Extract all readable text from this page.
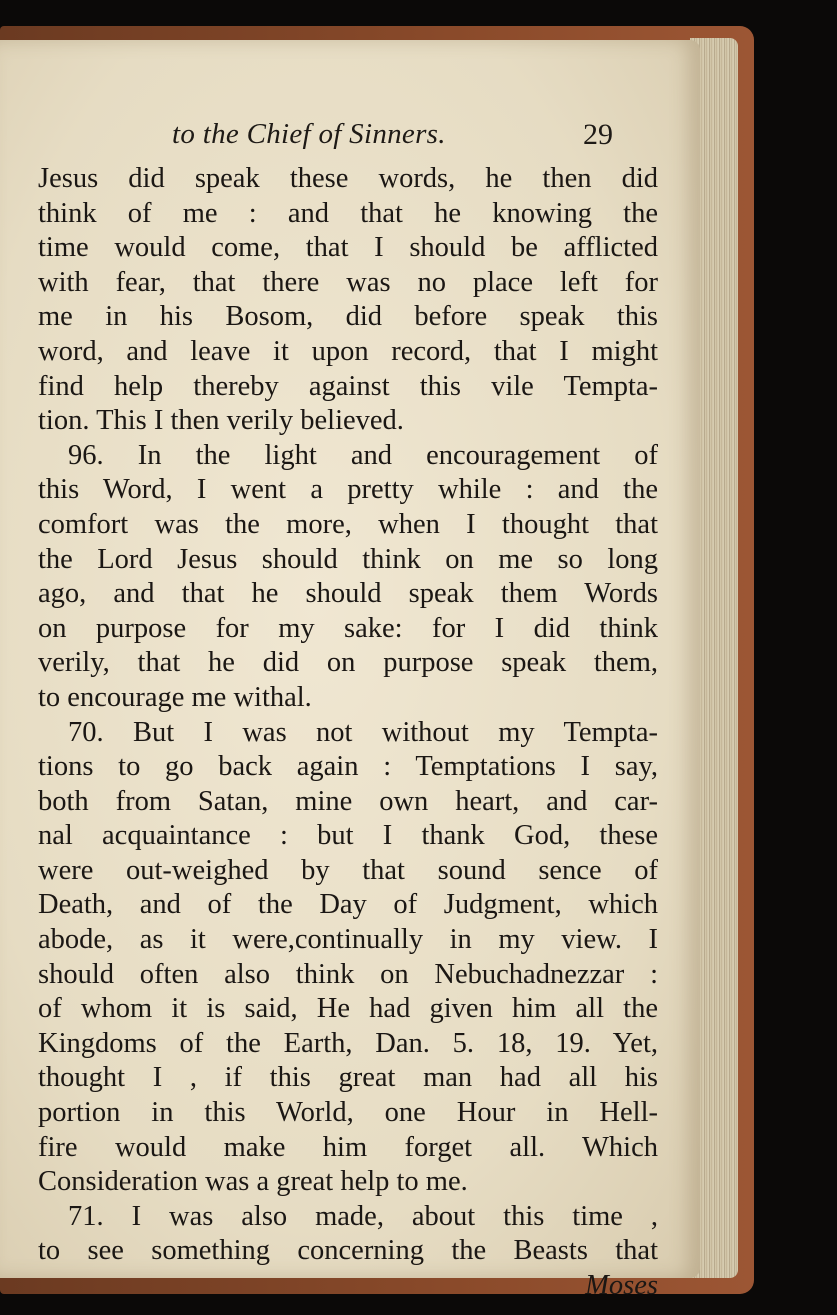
to the Chief of Sinners.	29
Jesus did speak these words, he then did
think of me : and that he knowing the
time would come, that I should be afflicted
with fear, that there was no place left for
me in his Bosom, did before speak this
word, and leave it upon record, that I might
find help thereby against this vile Tempta-
tion. This I then verily believed.
96. In the light and encouragement of
this Word, I went a pretty while : and the
comfort was the more, when I thought that
the Lord Jesus should think on me so long
ago, and that he should speak them Words
on purpose for my sake: for I did think
verily, that he did on purpose speak them,
to encourage me withal.
70. But I was not without my Tempta-
tions to go back again : Temptations I say,
both from Satan, mine own heart, and car-
nal acquaintance : but I thank God, these
were out-weighed by that sound sence of
Death, and of the Day of Judgment, which
abode, as it were,continually in my view. I
should often also think on Nebuchadnezzar :
of whom it is said, He had given him all the
Kingdoms of the Earth, Dan. 5. 18, 19. Yet,
thought I , if this great man had all his
portion in this World, one Hour in Hell-
fire would make him forget all. Which
Consideration was a great help to me.
71. I was also made, about this time ,
to see something concerning the Beasts that
Moses
